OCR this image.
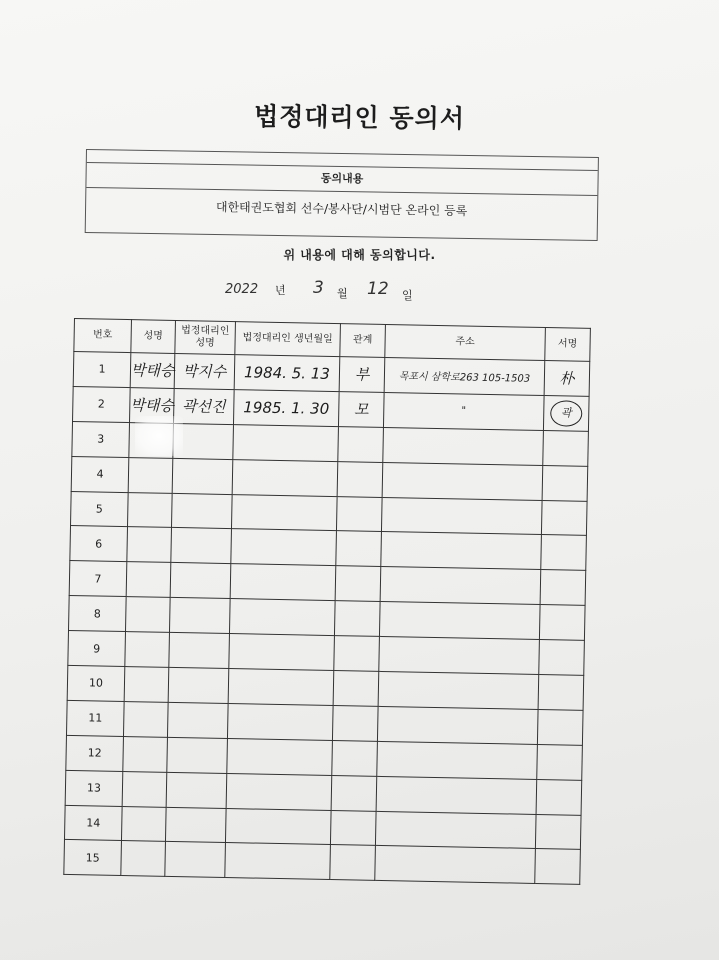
법정대리인 동의서
동의내용
대한태권도협회 선수/봉사단/시범단 온라인 등록
위 내용에 대해 동의합니다.
2022 년 3 월 12 일
번호	성명	법정대리인 성명	법정대리인 생년월일	관계	주소	서명
1	박태승	박지수	1984. 5. 13	부	목포시 삼학로263 105-1503	朴
2	박태승	곽선진	1985. 1. 30	모	"	곽
3						
4						
5						
6						
7						
8						
9						
10						
11						
12						
13						
14						
15						
